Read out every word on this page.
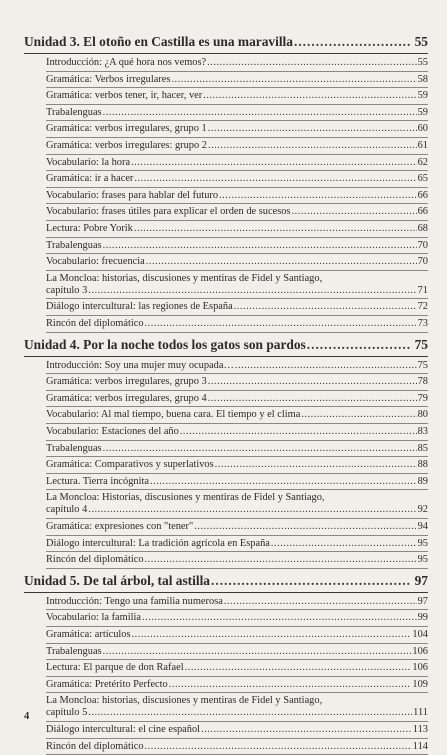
Unidad 3. El otoño en Castilla es una maravilla .....	55
Introducción: ¿A qué hora nos vemos? .....	55
Gramática: Verbos irregulares .....	58
Gramática: verbos tener, ir, hacer, ver .....	59
Trabalenguas .....	59
Gramática: verbos irregulares, grupo 1 .....	60
Gramática: verbos irregulares: grupo 2 .....	61
Vocabulario: la hora .....	62
Gramática: ir a hacer .....	65
Vocabulario: frases para hablar del futuro .....	66
Vocabulario: frases útiles para explicar el orden de sucesos .....	66
Lectura: Pobre Yorik .....	68
Trabalenguas .....	70
Vocabulario: frecuencia .....	70
La Moncloa: historias, discusiones y mentiras de Fidel y Santiago,
capítulo 3 .....	71
Diálogo intercultural: las regiones de España .....	72
Rincón del diplomático .....	73
Unidad 4. Por la noche todos los gatos son pardos .....	75
Introducción: Soy una mujer muy ocupada… .....	75
Gramática: verbos irregulares, grupo 3 .....	78
Gramática: verbos irregulares, grupo 4 .....	79
Vocabulario: Al mal tiempo, buena cara. El tiempo y el clima .....	80
Vocabulario: Estaciones del año .....	83
Trabalenguas .....	85
Gramática: Comparativos y superlativos .....	88
Lectura. Tierra incógnita .....	89
La Moncloa: Historias, discusiones y mentiras de Fidel y Santiago,
capítulo 4 .....	92
Gramática: expresiones con "tener" .....	94
Diálogo intercultural: La tradición agrícola en España .....	95
Rincón del diplomático .....	95
Unidad 5. De tal árbol, tal astilla .....	97
Introducción: Tengo una familia numerosa .....	97
Vocabulario: la familia .....	99
Gramática: artículos .....	104
Trabalenguas .....	106
Lectura: El parque de don Rafael .....	106
Gramática: Pretérito Perfecto .....	109
La Moncloa: historias, discusiones y mentiras de Fidel y Santiago,
capítulo 5 .....	111
Diálogo intercultural: el cine español .....	113
Rincón del diplomático .....	114
4
